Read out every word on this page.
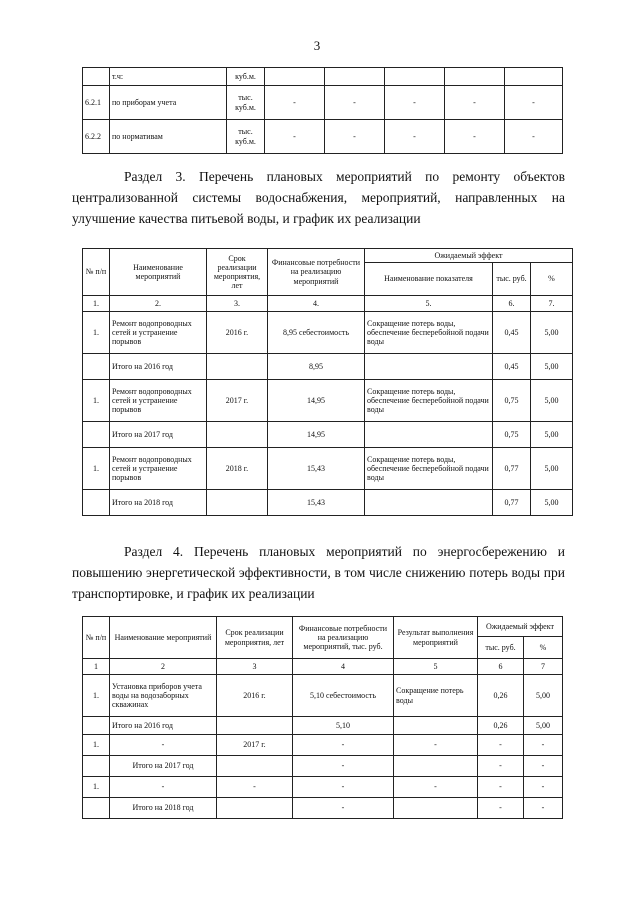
3
	т.ч:	куб.м.					
6.2.1	по приборам учета	тыс. куб.м.	-	-	-	-	-
6.2.2	по нормативам	тыс. куб.м.	-	-	-	-	-
Раздел 3. Перечень плановых мероприятий по ремонту объектов централизованной системы водоснабжения, мероприятий, направленных на улучшение качества питьевой воды, и график их реализации
№ п/п	Наименование мероприятий	Срок реализации мероприятия, лет	Финансовые потребности на реализацию мероприятий	Ожидаемый эффект		
				Наименование показателя	тыс. руб.	%
1.	2.	3.	4.	5.	6.	7.
1.	Ремонт водопроводных сетей и устранение порывов	2016 г.	8,95 себестоимость	Сокращение потерь воды, обеспечение бесперебойной подачи воды	0,45	5,00
	Итого на 2016 год		8,95		0,45	5,00
1.	Ремонт водопроводных сетей и устранение порывов	2017 г.	14,95	Сокращение потерь воды, обеспечение бесперебойной подачи воды	0,75	5,00
	Итого на 2017 год		14,95		0,75	5,00
1.	Ремонт водопроводных сетей и устранение порывов	2018 г.	15,43	Сокращение потерь воды, обеспечение бесперебойной подачи воды	0,77	5,00
	Итого на 2018 год		15,43		0,77	5,00
Раздел 4. Перечень плановых мероприятий по энергосбережению и повышению энергетической эффективности, в том числе снижению потерь воды при транспортировке, и график их реализации
№ п/п	Наименование мероприятий	Срок реализации мероприятия, лет	Финансовые потребности на реализацию мероприятий, тыс. руб.	Результат выполнения мероприятий	Ожидаемый эффект	
					тыс. руб.	%
1	2	3	4	5	6	7
1.	Установка приборов учета воды на водозаборных скважинах	2016 г.	5,10 себестоимость	Сокращение потерь воды	0,26	5,00
	Итого на 2016 год		5,10		0,26	5,00
1.	-	2017 г.	-	-	-	-
	Итого на 2017 год		-		-	-
1.	-	-	-	-	-	-
	Итого на 2018 год		-		-	-
